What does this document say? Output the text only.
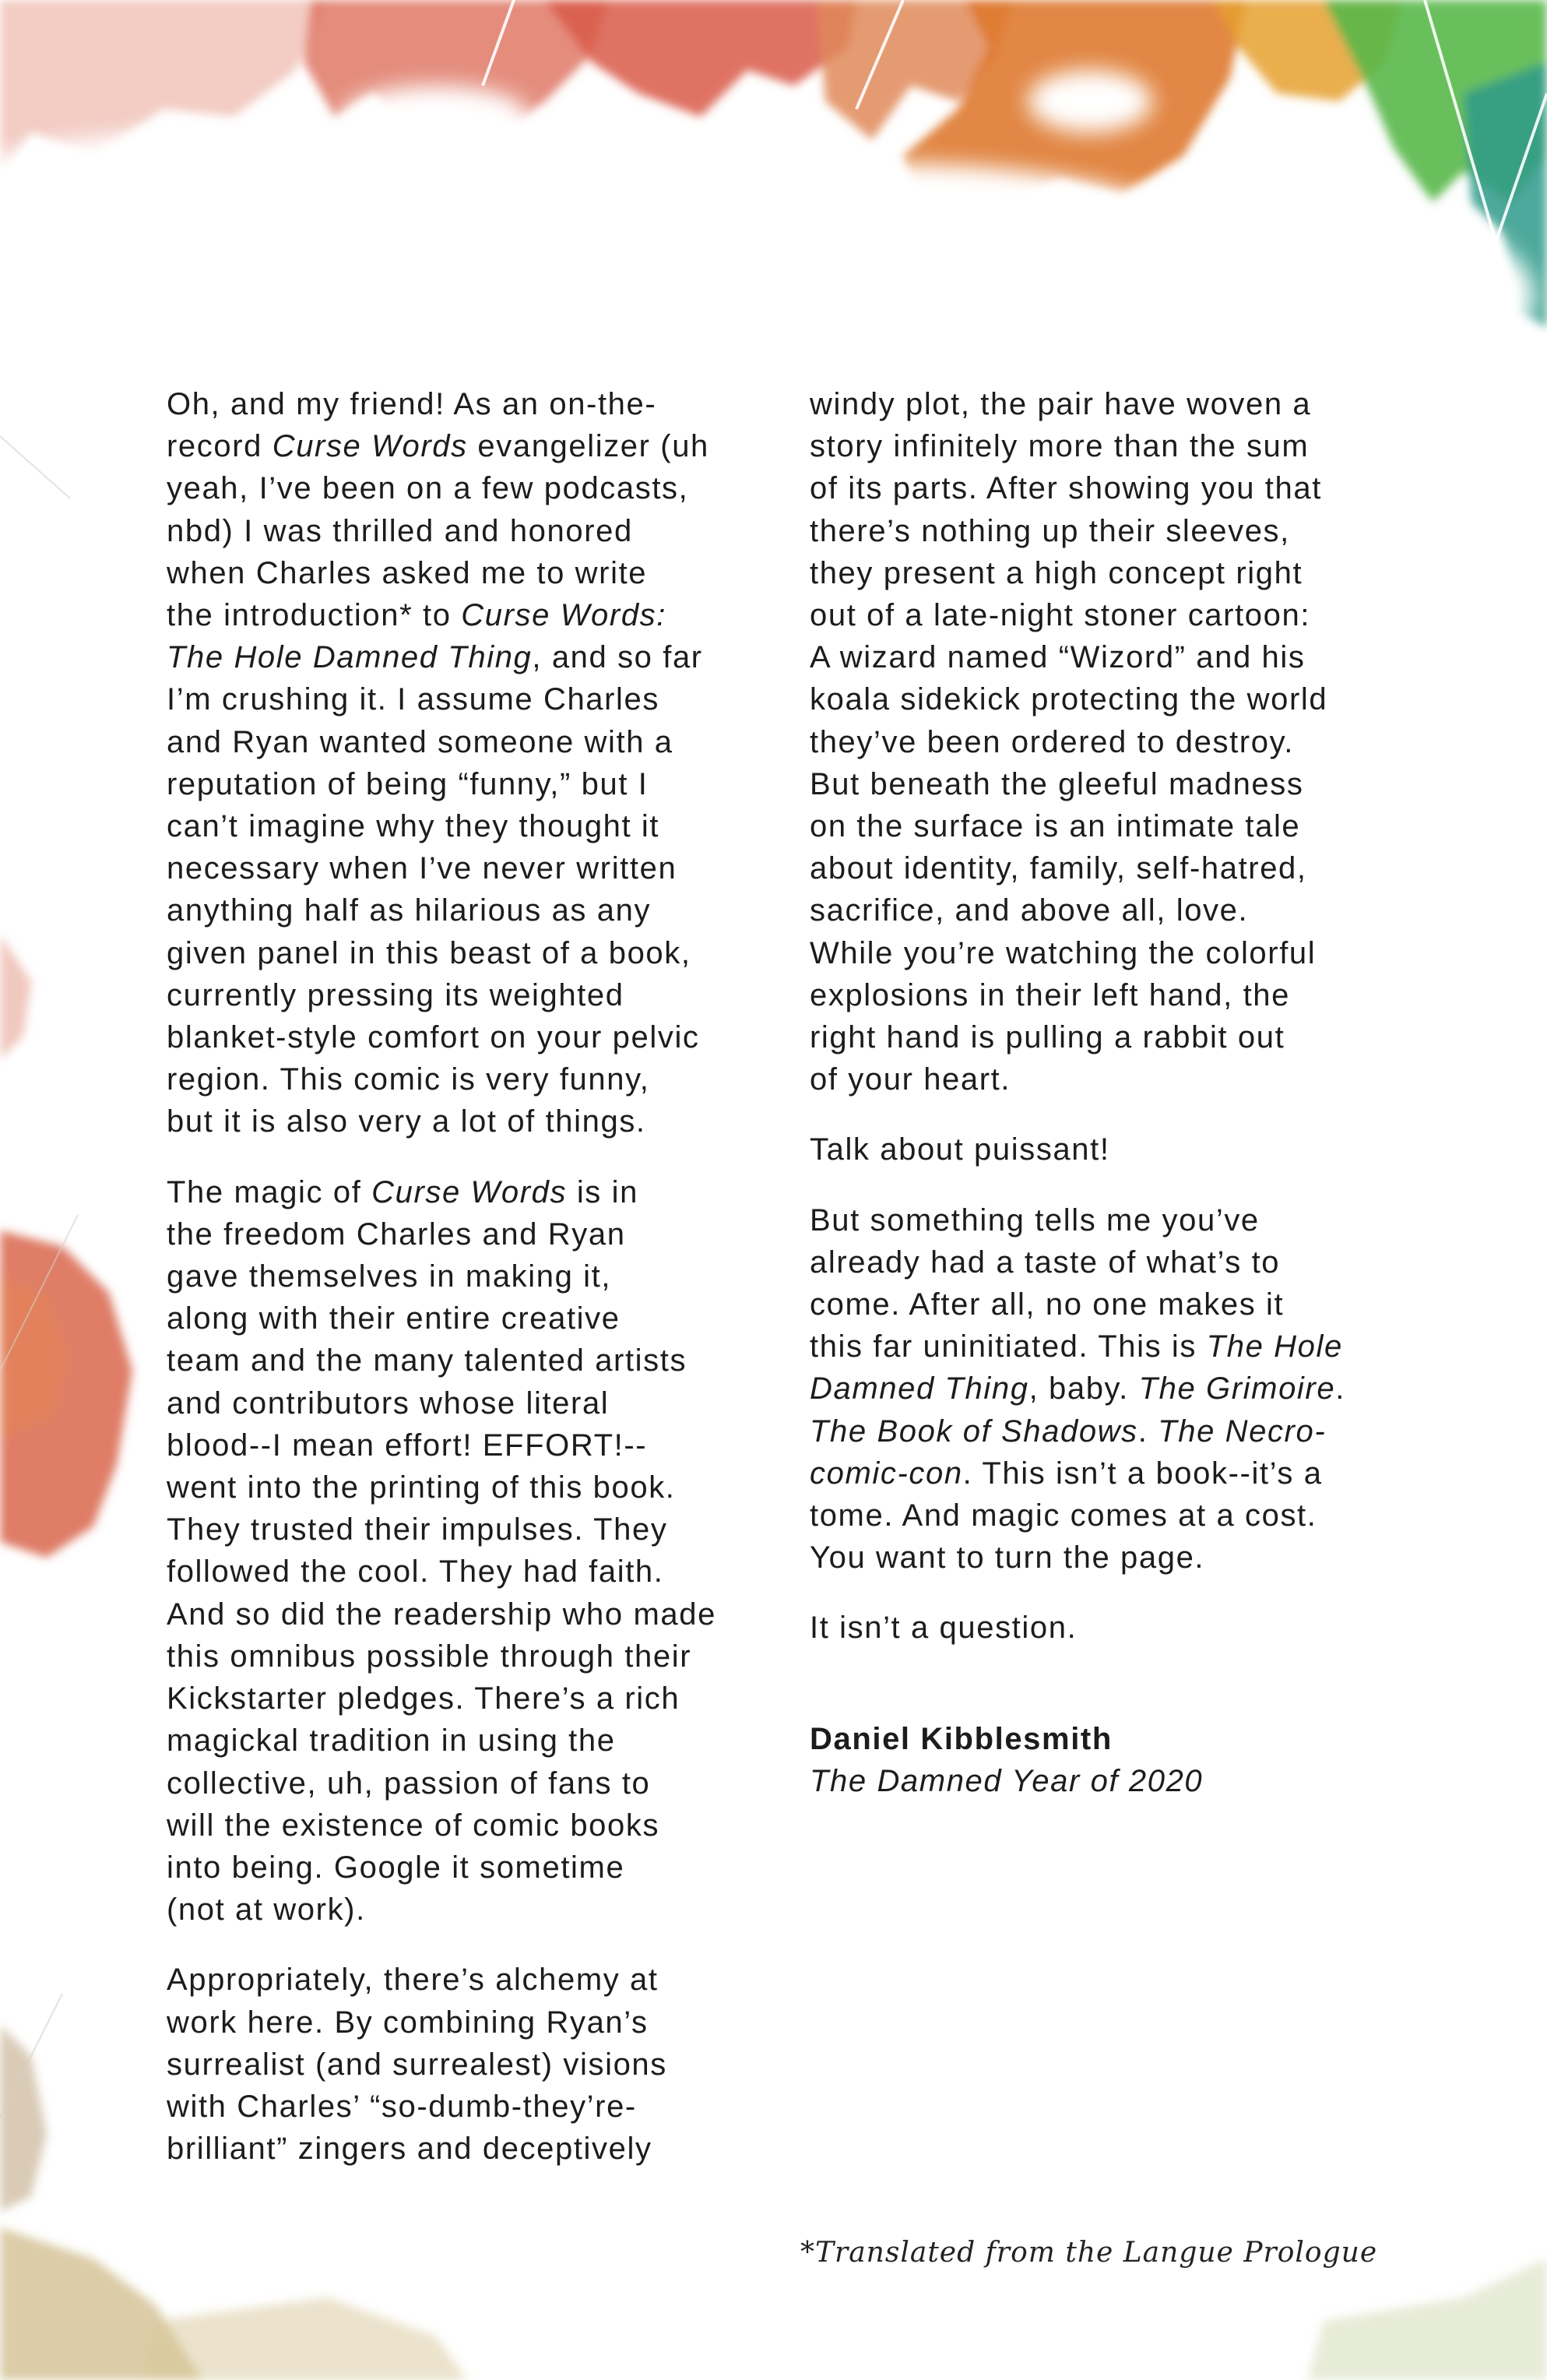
Oh, and my friend! As an on-the-
record Curse Words evangelizer (uh
yeah, I’ve been on a few podcasts,
nbd) I was thrilled and honored
when Charles asked me to write
the introduction* to Curse Words:
The Hole Damned Thing, and so far
I’m crushing it. I assume Charles
and Ryan wanted someone with a
reputation of being “funny,” but I
can’t imagine why they thought it
necessary when I’ve never written
anything half as hilarious as any
given panel in this beast of a book,
currently pressing its weighted
blanket-style comfort on your pelvic
region. This comic is very funny,
but it is also very a lot of things.

The magic of Curse Words is in
the freedom Charles and Ryan
gave themselves in making it,
along with their entire creative
team and the many talented artists
and contributors whose literal
blood--I mean effort! EFFORT!--
went into the printing of this book.
They trusted their impulses. They
followed the cool. They had faith.
And so did the readership who made
this omnibus possible through their
Kickstarter pledges. There’s a rich
magickal tradition in using the
collective, uh, passion of fans to
will the existence of comic books
into being. Google it sometime
(not at work).

Appropriately, there’s alchemy at
work here. By combining Ryan’s
surrealist (and surrealest) visions
with Charles’ “so-dumb-they’re-
brilliant” zingers and deceptively

windy plot, the pair have woven a
story infinitely more than the sum
of its parts. After showing you that
there’s nothing up their sleeves,
they present a high concept right
out of a late-night stoner cartoon:
A wizard named “Wizord” and his
koala sidekick protecting the world
they’ve been ordered to destroy.
But beneath the gleeful madness
on the surface is an intimate tale
about identity, family, self-hatred,
sacrifice, and above all, love.
While you’re watching the colorful
explosions in their left hand, the
right hand is pulling a rabbit out
of your heart.

Talk about puissant!

But something tells me you’ve
already had a taste of what’s to
come. After all, no one makes it
this far uninitiated. This is The Hole
Damned Thing, baby. The Grimoire.
The Book of Shadows. The Necro-
comic-con. This isn’t a book--it’s a
tome. And magic comes at a cost.
You want to turn the page.

It isn’t a question.

Daniel Kibblesmith
The Damned Year of 2020
*Translated from the Langue Prologue
